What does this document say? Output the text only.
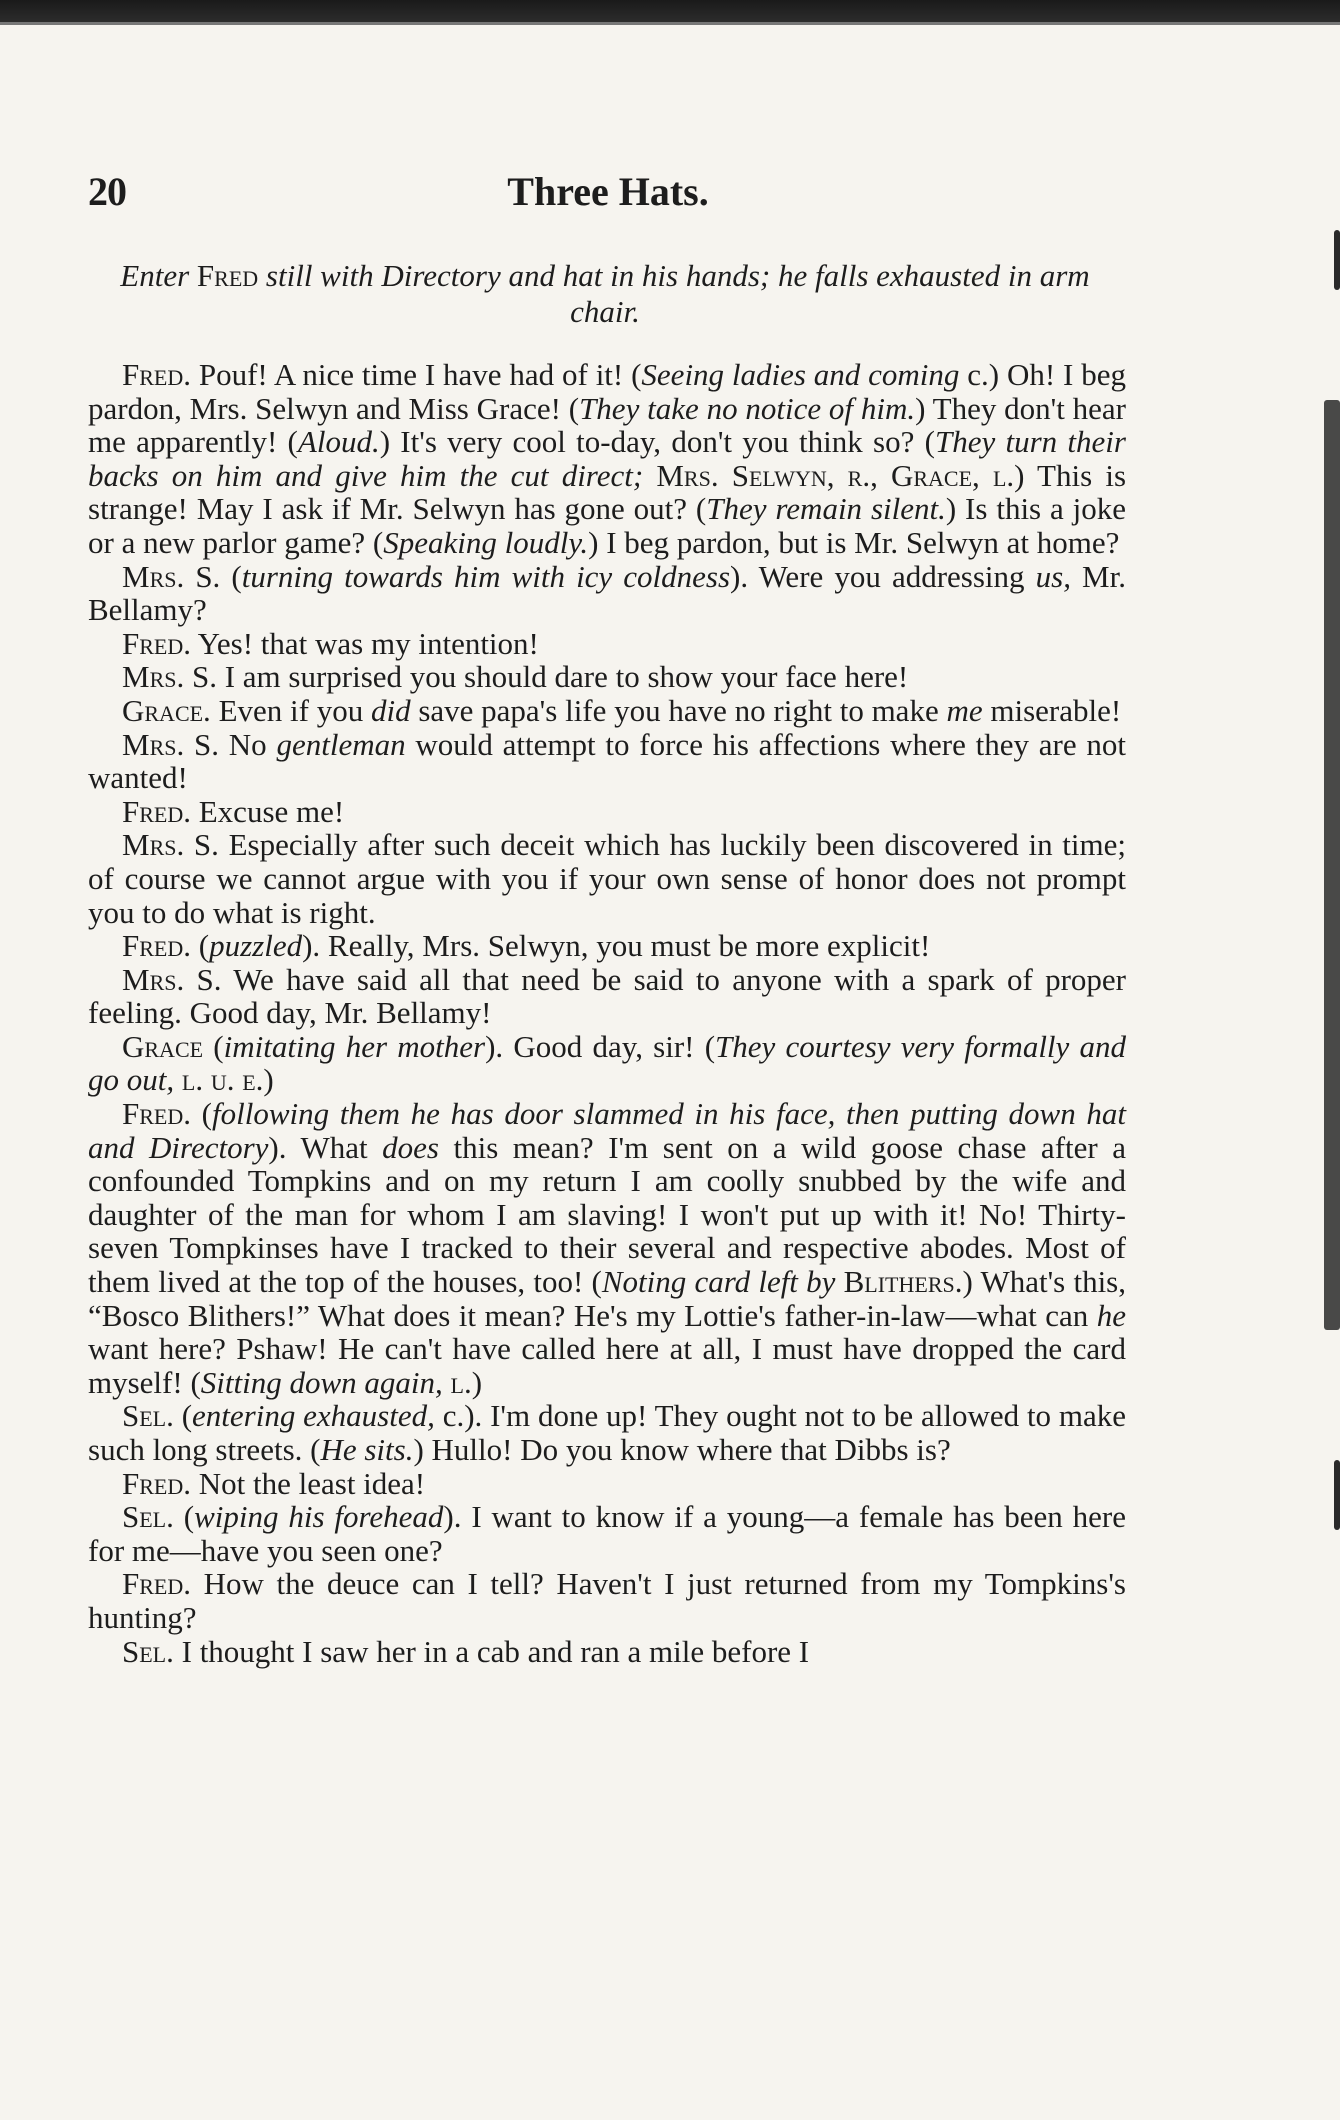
20	Three Hats.
Enter Fred still with Directory and hat in his hands; he falls exhausted in arm chair.

Fred. Pouf! A nice time I have had of it! (Seeing ladies and coming c.) Oh! I beg pardon, Mrs. Selwyn and Miss Grace! (They take no notice of him.) They don't hear me apparently! (Aloud.) It's very cool to-day, don't you think so? (They turn their backs on him and give him the cut direct; Mrs. Selwyn, r., Grace, l.) This is strange! May I ask if Mr. Selwyn has gone out? (They remain silent.) Is this a joke or a new parlor game? (Speaking loudly.) I beg pardon, but is Mr. Selwyn at home?

Mrs. S. (turning towards him with icy coldness). Were you addressing us, Mr. Bellamy?

Fred. Yes! that was my intention!

Mrs. S. I am surprised you should dare to show your face here!

Grace. Even if you did save papa's life you have no right to make me miserable!

Mrs. S. No gentleman would attempt to force his affections where they are not wanted!

Fred. Excuse me!

Mrs. S. Especially after such deceit which has luckily been discovered in time; of course we cannot argue with you if your own sense of honor does not prompt you to do what is right.

Fred. (puzzled). Really, Mrs. Selwyn, you must be more explicit!

Mrs. S. We have said all that need be said to anyone with a spark of proper feeling. Good day, Mr. Bellamy!

Grace (imitating her mother). Good day, sir! (They courtesy very formally and go out, l. u. e.)

Fred. (following them he has door slammed in his face, then putting down hat and Directory). What does this mean? I'm sent on a wild goose chase after a confounded Tompkins and on my return I am coolly snubbed by the wife and daughter of the man for whom I am slaving! I won't put up with it! No! Thirty-seven Tompkinses have I tracked to their several and respective abodes. Most of them lived at the top of the houses, too! (Noting card left by Blithers.) What's this, “Bosco Blithers!” What does it mean? He's my Lottie's father-in-law—what can he want here? Pshaw! He can't have called here at all, I must have dropped the card myself! (Sitting down again, l.)

Sel. (entering exhausted, c.). I'm done up! They ought not to be allowed to make such long streets. (He sits.) Hullo! Do you know where that Dibbs is?

Fred. Not the least idea!

Sel. (wiping his forehead). I want to know if a young—a female has been here for me—have you seen one?

Fred. How the deuce can I tell? Haven't I just returned from my Tompkins's hunting?

Sel. I thought I saw her in a cab and ran a mile before I
